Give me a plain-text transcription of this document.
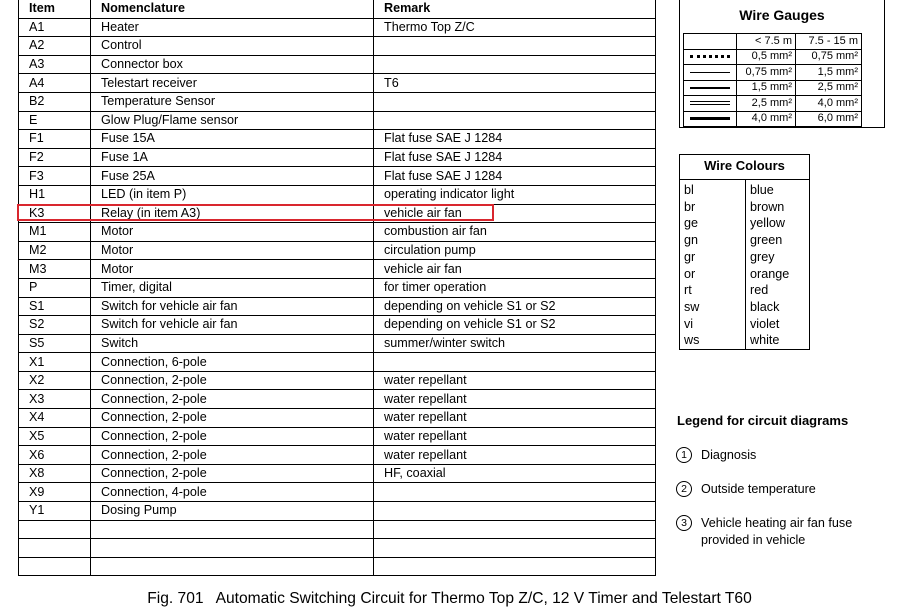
Item	Nomenclature	Remark
A1	Heater	Thermo Top Z/C
A2	Control	
A3	Connector box	
A4	Telestart receiver	T6
B2	Temperature Sensor	
E	Glow Plug/Flame sensor	
F1	Fuse 15A	Flat fuse SAE J 1284
F2	Fuse 1A	Flat fuse SAE J 1284
F3	Fuse 25A	Flat fuse SAE J 1284
H1	LED (in item P)	operating indicator light
K3	Relay (in item A3)	vehicle air fan
M1	Motor	combustion air fan
M2	Motor	circulation pump
M3	Motor	vehicle air fan
P	Timer, digital	for timer operation
S1	Switch for vehicle air fan	depending on vehicle S1 or S2
S2	Switch for vehicle air fan	depending on vehicle S1 or S2
S5	Switch	summer/winter switch
X1	Connection, 6-pole	
X2	Connection, 2-pole	water repellant
X3	Connection, 2-pole	water repellant
X4	Connection, 2-pole	water repellant
X5	Connection, 2-pole	water repellant
X6	Connection, 2-pole	water repellant
X8	Connection, 2-pole	HF, coaxial
X9	Connection, 4-pole	
Y1	Dosing Pump	

Wire Gauges
	< 7.5 m	7.5 - 15 m

	0,5 mm²	0,75 mm²

	0,75 mm²	1,5 mm²

	1,5 mm²	2,5 mm²

	2,5 mm²	4,0 mm²

	4,0 mm²	6,0 mm²
Wire Colours
bl	blue
br	brown
ge	yellow
gn	green
gr	grey
or	orange
rt	red
sw	black
vi	violet
ws	white
Legend for circuit diagrams
1	Diagnosis
2	Outside temperature
3	Vehicle heating air fan fuse
provided in vehicle
Fig. 701 Automatic Switching Circuit for Thermo Top Z/C, 12 V Timer and Telestart T60
